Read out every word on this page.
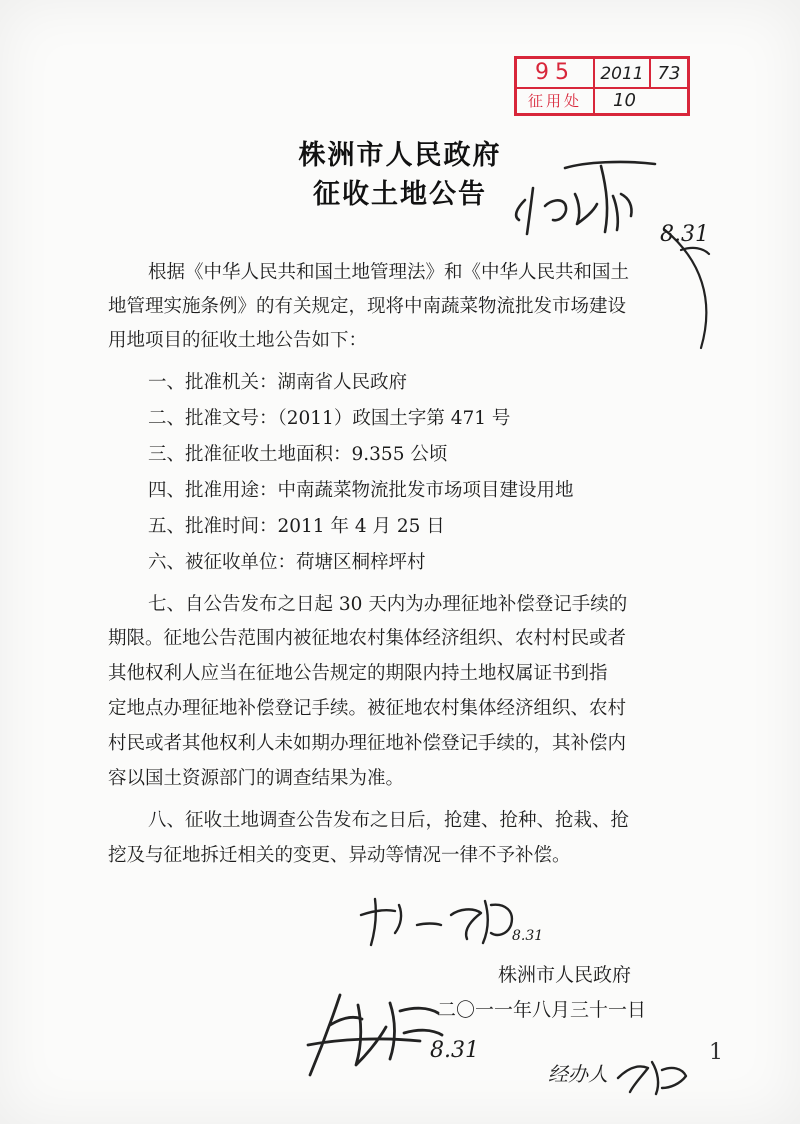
95	2011 73
征用处	10
8.31
株洲市人民政府
征收土地公告
根据《中华人民共和国土地管理法》和《中华人民共和国土
地管理实施条例》的有关规定，现将中南蔬菜物流批发市场建设
用地项目的征收土地公告如下：
一、批准机关：湖南省人民政府
二、批准文号：（2011）政国土字第 471 号
三、批准征收土地面积：9.355 公顷
四、批准用途：中南蔬菜物流批发市场项目建设用地
五、批准时间：2011 年 4 月 25 日
六、被征收单位：荷塘区桐梓坪村
七、自公告发布之日起 30 天内为办理征地补偿登记手续的
期限。征地公告范围内被征地农村集体经济组织、农村村民或者
其他权利人应当在征地公告规定的期限内持土地权属证书到指
定地点办理征地补偿登记手续。被征地农村集体经济组织、农村
村民或者其他权利人未如期办理征地补偿登记手续的，其补偿内
容以国土资源部门的调查结果为准。
八、征收土地调查公告发布之日后，抢建、抢种、抢栽、抢
挖及与征地拆迁相关的变更、异动等情况一律不予补偿。
8.31
株洲市人民政府
二〇一一年八月三十一日
8.31
经办人
1
